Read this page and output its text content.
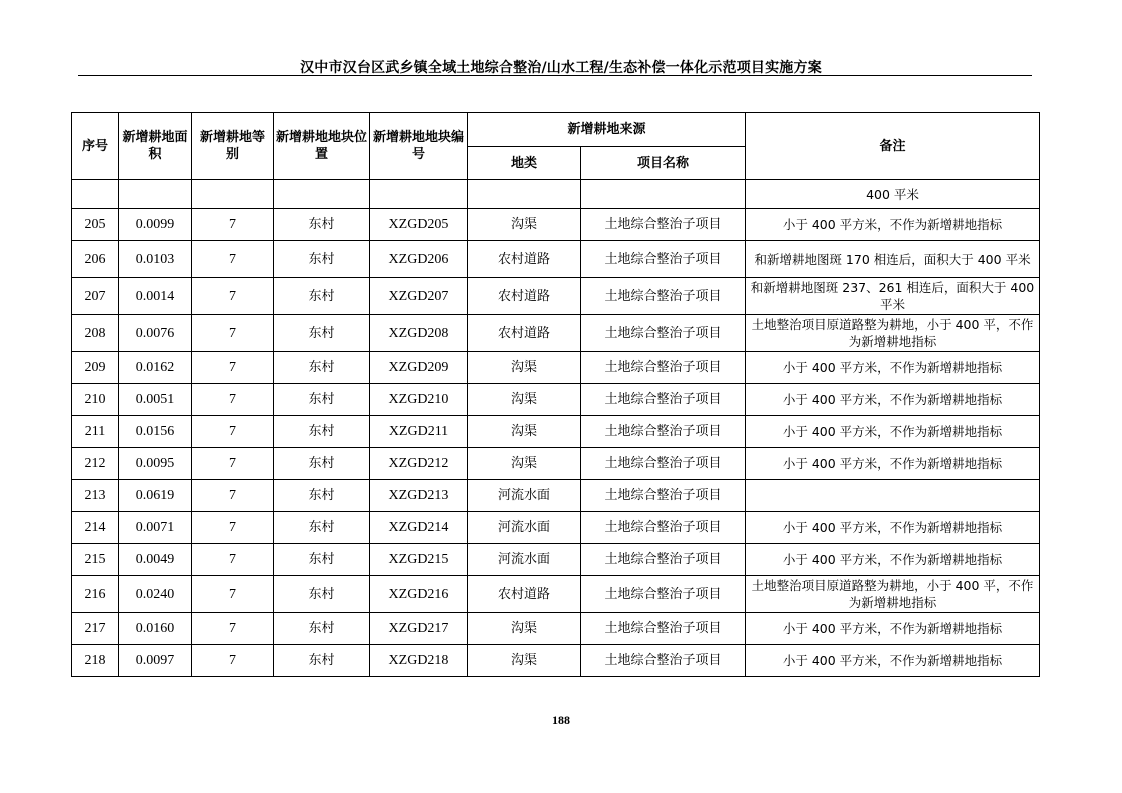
汉中市汉台区武乡镇全域土地综合整治/山水工程/生态补偿一体化示范项目实施方案
序号	新增耕地面积	新增耕地等别	新增耕地地块位置	新增耕地地块编号	新增耕地来源		备注
					地类	项目名称	
							400 平米
205	0.0099	7	东村	XZGD205	沟渠	土地综合整治子项目	小于 400 平方米，不作为新增耕地指标
206	0.0103	7	东村	XZGD206	农村道路	土地综合整治子项目	和新增耕地图斑 170 相连后，面积大于 400 平米
207	0.0014	7	东村	XZGD207	农村道路	土地综合整治子项目	和新增耕地图斑 237、261 相连后，面积大于 400 平米
208	0.0076	7	东村	XZGD208	农村道路	土地综合整治子项目	土地整治项目原道路整为耕地，小于 400 平，不作为新增耕地指标
209	0.0162	7	东村	XZGD209	沟渠	土地综合整治子项目	小于 400 平方米，不作为新增耕地指标
210	0.0051	7	东村	XZGD210	沟渠	土地综合整治子项目	小于 400 平方米，不作为新增耕地指标
211	0.0156	7	东村	XZGD211	沟渠	土地综合整治子项目	小于 400 平方米，不作为新增耕地指标
212	0.0095	7	东村	XZGD212	沟渠	土地综合整治子项目	小于 400 平方米，不作为新增耕地指标
213	0.0619	7	东村	XZGD213	河流水面	土地综合整治子项目	
214	0.0071	7	东村	XZGD214	河流水面	土地综合整治子项目	小于 400 平方米，不作为新增耕地指标
215	0.0049	7	东村	XZGD215	河流水面	土地综合整治子项目	小于 400 平方米，不作为新增耕地指标
216	0.0240	7	东村	XZGD216	农村道路	土地综合整治子项目	土地整治项目原道路整为耕地，小于 400 平，不作为新增耕地指标
217	0.0160	7	东村	XZGD217	沟渠	土地综合整治子项目	小于 400 平方米，不作为新增耕地指标
218	0.0097	7	东村	XZGD218	沟渠	土地综合整治子项目	小于 400 平方米，不作为新增耕地指标
188
